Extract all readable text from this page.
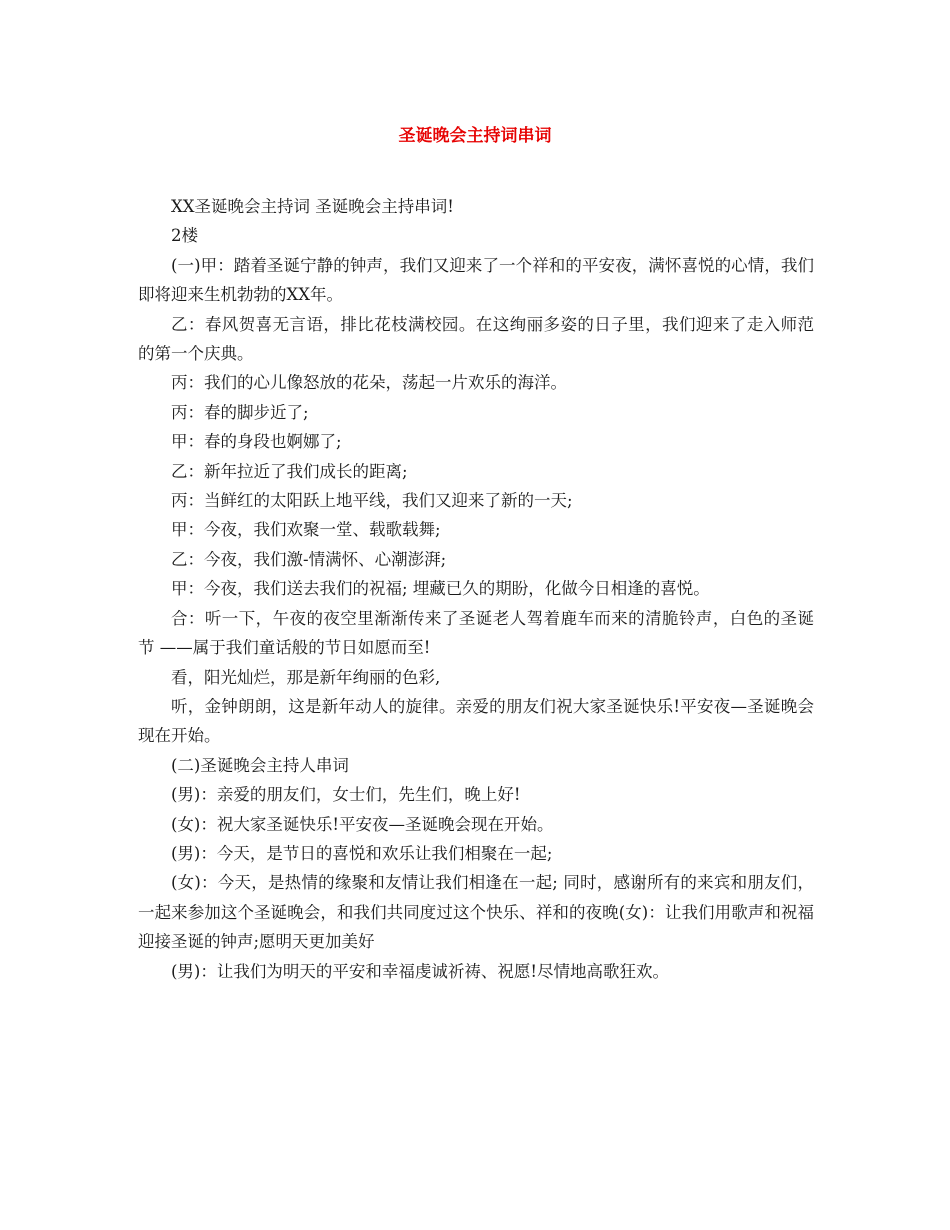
圣诞晚会主持词串词

XX圣诞晚会主持词 圣诞晚会主持串词!

2楼

(一)甲：踏着圣诞宁静的钟声，我们又迎来了一个祥和的平安夜，满怀喜悦的心情，我们即将迎来生机勃勃的XX年。

乙：春风贺喜无言语，排比花枝满校园。在这绚丽多姿的日子里，我们迎来了走入师范的第一个庆典。

丙：我们的心儿像怒放的花朵，荡起一片欢乐的海洋。

丙：春的脚步近了;

甲：春的身段也婀娜了;

乙：新年拉近了我们成长的距离;

丙：当鲜红的太阳跃上地平线，我们又迎来了新的一天;

甲：今夜，我们欢聚一堂、载歌载舞;

乙：今夜，我们激-情满怀、心潮澎湃;

甲：今夜，我们送去我们的祝福; 埋藏已久的期盼，化做今日相逢的喜悦。

合：听一下，午夜的夜空里渐渐传来了圣诞老人驾着鹿车而来的清脆铃声，白色的圣诞节 ——属于我们童话般的节日如愿而至!

看，阳光灿烂，那是新年绚丽的色彩,

听，金钟朗朗，这是新年动人的旋律。亲爱的朋友们祝大家圣诞快乐!平安夜—圣诞晚会现在开始。

(二)圣诞晚会主持人串词

(男)：亲爱的朋友们，女士们，先生们，晚上好!

(女)：祝大家圣诞快乐!平安夜—圣诞晚会现在开始。

(男)：今天，是节日的喜悦和欢乐让我们相聚在一起;

(女)：今天，是热情的缘聚和友情让我们相逢在一起; 同时，感谢所有的来宾和朋友们，一起来参加这个圣诞晚会，和我们共同度过这个快乐、祥和的夜晚(女)：让我们用歌声和祝福迎接圣诞的钟声;愿明天更加美好

(男)：让我们为明天的平安和幸福虔诚祈祷、祝愿!尽情地高歌狂欢。
